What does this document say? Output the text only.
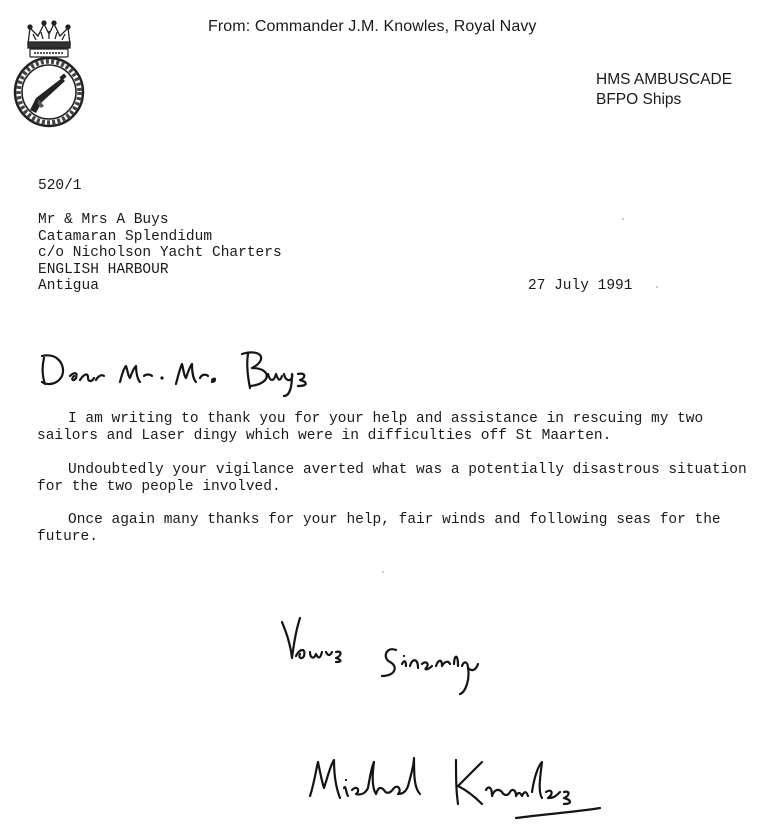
From: Commander J.M. Knowles, Royal Navy
HMS AMBUSCADE
BFPO Ships
520/1
Mr & Mrs A Buys
Catamaran Splendidum
c/o Nicholson Yacht Charters
ENGLISH HARBOUR
Antigua	27 July 1991

I am writing to thank you for your help and assistance in rescuing my two sailors and Laser dingy which were in difficulties off St Maarten.

Undoubtedly your vigilance averted what was a potentially disastrous situation for the two people involved.

Once again many thanks for your help, fair winds and following seas for the future.
